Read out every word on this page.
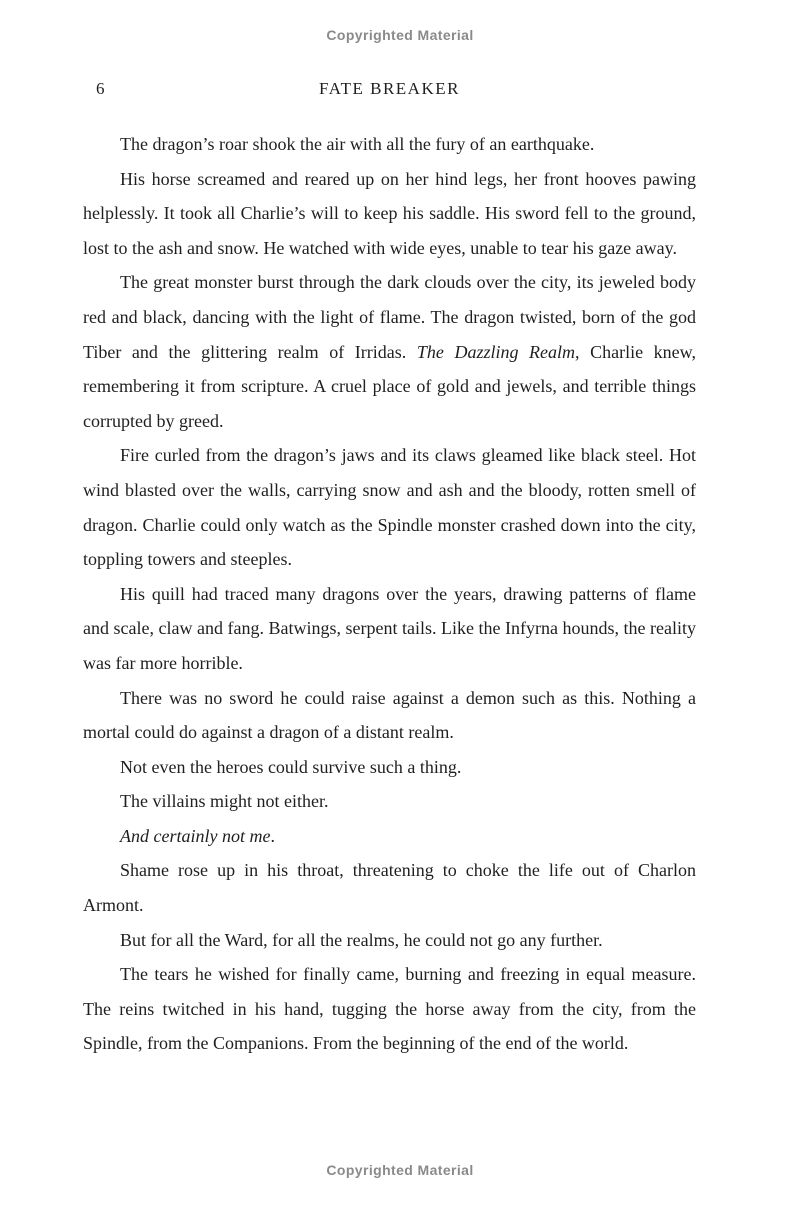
Copyrighted Material
6	FATE BREAKER

The dragon’s roar shook the air with all the fury of an earthquake.

His horse screamed and reared up on her hind legs, her front hooves pawing helplessly. It took all Charlie’s will to keep his saddle. His sword fell to the ground, lost to the ash and snow. He watched with wide eyes, unable to tear his gaze away.

The great monster burst through the dark clouds over the city, its jeweled body red and black, dancing with the light of flame. The dragon twisted, born of the god Tiber and the glittering realm of Irridas. The Dazzling Realm, Charlie knew, remembering it from scripture. A cruel place of gold and jewels, and terrible things corrupted by greed.

Fire curled from the dragon’s jaws and its claws gleamed like black steel. Hot wind blasted over the walls, carrying snow and ash and the bloody, rotten smell of dragon. Charlie could only watch as the Spindle monster crashed down into the city, toppling towers and steeples.

His quill had traced many dragons over the years, drawing patterns of flame and scale, claw and fang. Batwings, serpent tails. Like the Infyrna hounds, the reality was far more horrible.

There was no sword he could raise against a demon such as this. Nothing a mortal could do against a dragon of a distant realm.

Not even the heroes could survive such a thing.

The villains might not either.

And certainly not me.

Shame rose up in his throat, threatening to choke the life out of Charlon Armont.

But for all the Ward, for all the realms, he could not go any further.

The tears he wished for finally came, burning and freezing in equal measure. The reins twitched in his hand, tugging the horse away from the city, from the Spindle, from the Companions. From the beginning of the end of the world.

Copyrighted Material
